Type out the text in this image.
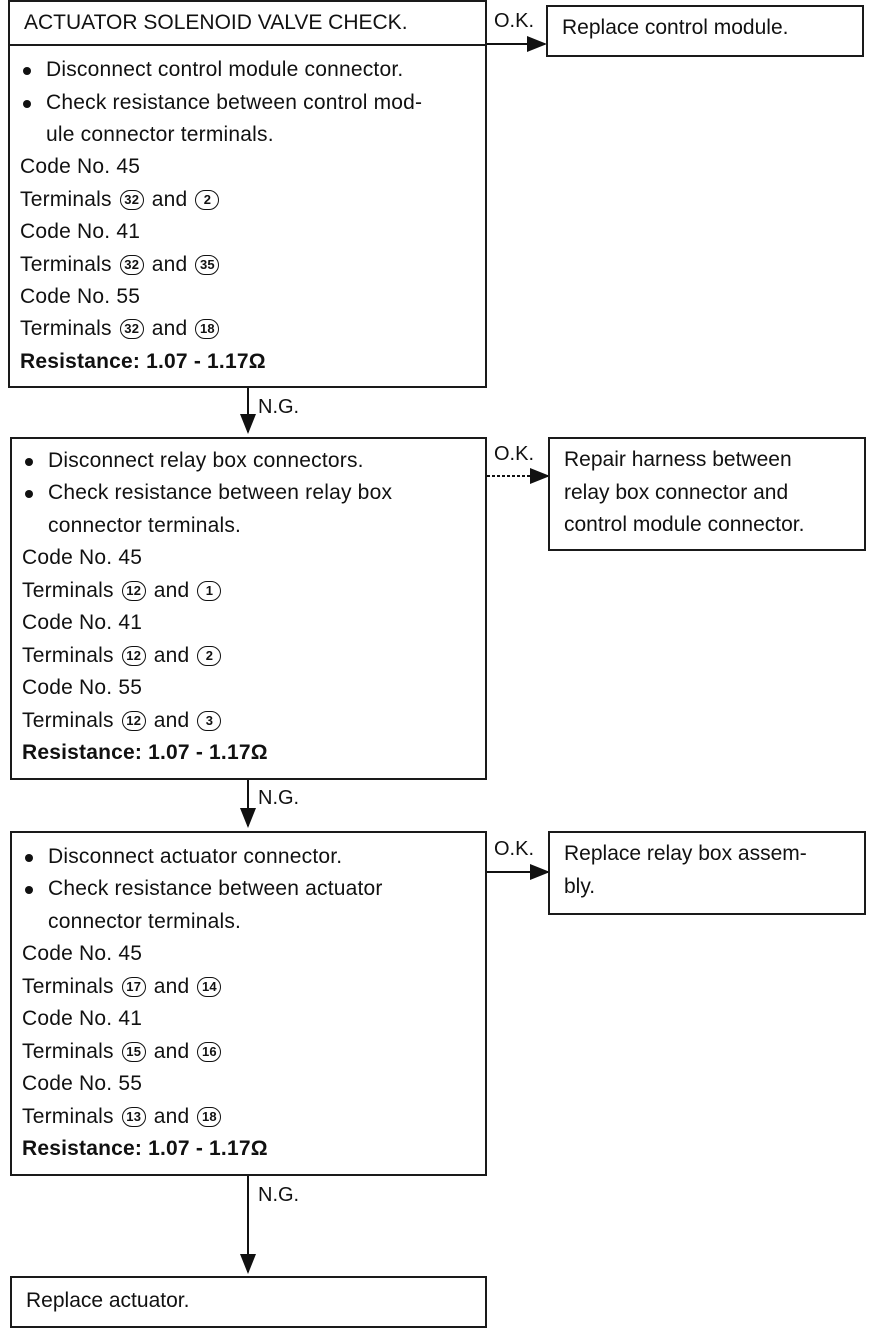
ACTUATOR SOLENOID VALVE CHECK.
Disconnect control module connector.
Check resistance between control mod-
ule connector terminals.
Code No. 45
Terminals 32 and 2
Code No. 41
Terminals 32 and 35
Code No. 55
Terminals 32 and 18
Resistance: 1.07 - 1.17Ω
O.K. Replace control module.
N.G.
Disconnect relay box connectors.
Check resistance between relay box
connector terminals.
Code No. 45
Terminals 12 and 1
Code No. 41
Terminals 12 and 2
Code No. 55
Terminals 12 and 3
Resistance: 1.07 - 1.17Ω
O.K. Repair harness between
relay box connector and
control module connector.
N.G.
Disconnect actuator connector.
Check resistance between actuator
connector terminals.
Code No. 45
Terminals 17 and 14
Code No. 41
Terminals 15 and 16
Code No. 55
Terminals 13 and 18
Resistance: 1.07 - 1.17Ω
O.K. Replace relay box assem-
bly.
N.G.
Replace actuator.
